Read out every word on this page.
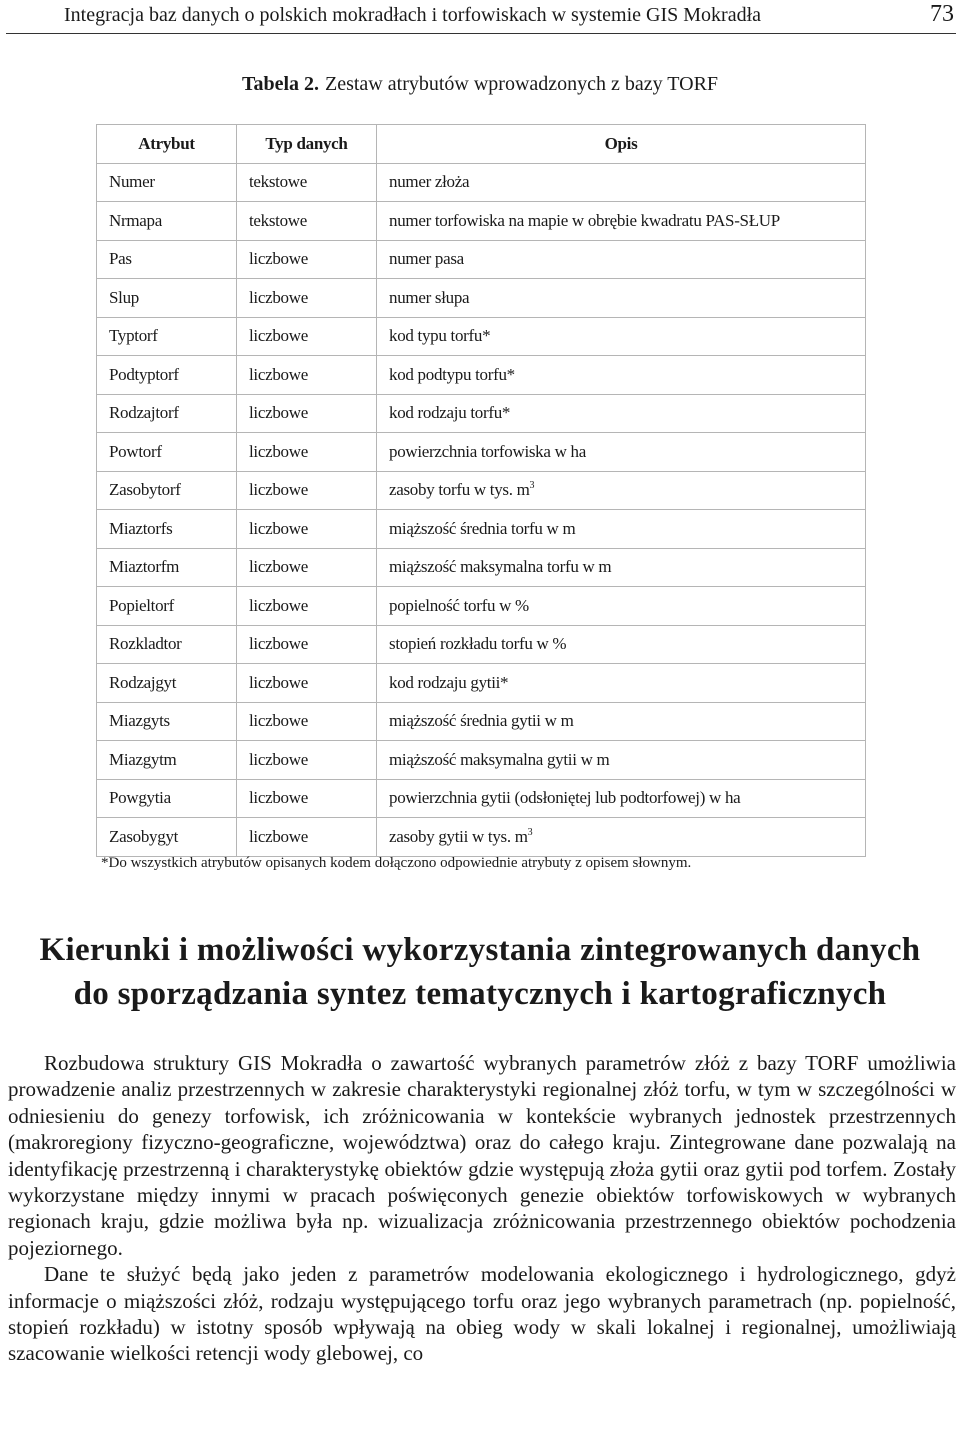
Integracja baz danych o polskich mokradłach i torfowiskach w systemie GIS Mokradła	73
Tabela 2. Zestaw atrybutów wprowadzonych z bazy TORF
Atrybut	Typ danych	Opis
Numer	tekstowe	numer złoża
Nrmapa	tekstowe	numer torfowiska na mapie w obrębie kwadratu PAS-SŁUP
Pas	liczbowe	numer pasa
Slup	liczbowe	numer słupa
Typtorf	liczbowe	kod typu torfu*
Podtyptorf	liczbowe	kod podtypu torfu*
Rodzajtorf	liczbowe	kod rodzaju torfu*
Powtorf	liczbowe	powierzchnia torfowiska w ha
Zasobytorf	liczbowe	zasoby torfu w tys. $m^3$
Miaztorfs	liczbowe	miąższość średnia torfu w m
Miaztorfm	liczbowe	miąższość maksymalna torfu w m
Popieltorf	liczbowe	popielność torfu w %
Rozkladtor	liczbowe	stopień rozkładu torfu w %
Rodzajgyt	liczbowe	kod rodzaju gytii*
Miazgyts	liczbowe	miąższość średnia gytii w m
Miazgytm	liczbowe	miąższość maksymalna gytii w m
Powgytia	liczbowe	powierzchnia gytii (odsłoniętej lub podtorfowej) w ha
Zasobygyt	liczbowe	zasoby gytii w tys. $m^3$
*Do wszystkich atrybutów opisanych kodem dołączono odpowiednie atrybuty z opisem słownym.
Kierunki i możliwości wykorzystania zintegrowanych danych
do sporządzania syntez tematycznych i kartograficznych

Rozbudowa struktury GIS Mokradła o zawartość wybranych parametrów złóż z bazy TORF umożliwia prowadzenie analiz przestrzennych w zakresie charakterystyki regionalnej złóż torfu, w tym w szczególności w odniesieniu do genezy torfowisk, ich zróżnicowania w kontekście wybranych jednostek przestrzennych (makroregiony fizyczno-geograficzne, województwa) oraz do całego kraju. Zintegrowane dane pozwalają na identyfikację przestrzenną i charakterystykę obiektów gdzie występują złoża gytii oraz gytii pod torfem. Zostały wykorzystane między innymi w pracach poświęconych genezie obiektów torfowiskowych w wybranych regionach kraju, gdzie możliwa była np. wizualizacja zróżnicowania przestrzennego obiektów pochodzenia pojeziornego.

Dane te służyć będą jako jeden z parametrów modelowania ekologicznego i hydrologicznego, gdyż informacje o miąższości złóż, rodzaju występującego torfu oraz jego wybranych parametrach (np. popielność, stopień rozkładu) w istotny sposób wpływają na obieg wody w skali lokalnej i regionalnej, umożliwiają szacowanie wielkości retencji wody glebowej, co
